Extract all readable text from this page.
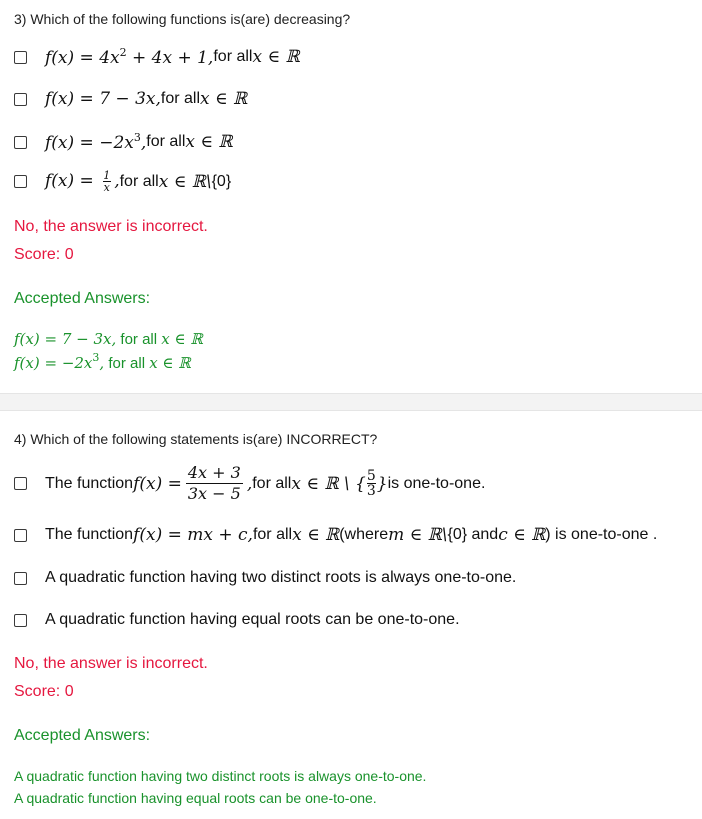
3) Which of the following functions is(are) decreasing?
$f(x) = 4x^2 + 4x + 1$, for all x ∈ ℝ
f(x) = 7 − 3x, for all x ∈ ℝ
$f(x) = -2x^3$, for all x ∈ ℝ
$f(x) = \frac{1}{x}$ , for all x ∈ ℝ\ {0}
No, the answer is incorrect.
Score: 0
Accepted Answers:
f(x) = 7 − 3x, for all x ∈ ℝ
$f(x) = -2x^3$, for all x ∈ ℝ
4) Which of the following statements is(are) INCORRECT?
The function $f(x) = \frac{4x + 3}{3x - 5}$ , for all x ∈ ℝ \ { $\frac{5}{3}$ } is one-to-one.
The function f(x) = mx + c, for all x ∈ ℝ (where m ∈ ℝ\ {0} and c ∈ ℝ ) is one-to-one .
A quadratic function having two distinct roots is always one-to-one.
A quadratic function having equal roots can be one-to-one.
No, the answer is incorrect.
Score: 0
Accepted Answers:
A quadratic function having two distinct roots is always one-to-one.
A quadratic function having equal roots can be one-to-one.
